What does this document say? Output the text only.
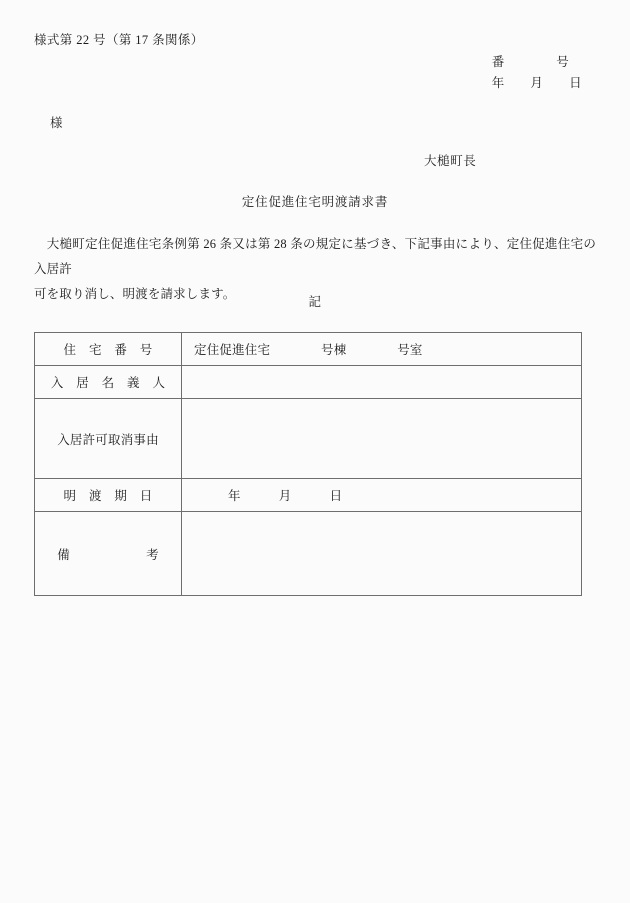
様式第 22 号（第 17 条関係）
番　　　　号
年　　月　　日
様
大槌町長
定住促進住宅明渡請求書
　大槌町定住促進住宅条例第 26 条又は第 28 条の規定に基づき、下記事由により、定住促進住宅の入居許
可を取り消し、明渡を請求します。
記
住　宅　番　号	定住促進住宅　　　　号棟　　　　号室
入　居　名　義　人	
入居許可取消事由	
明　渡　期　日	年　　　月　　　日
備　　　　　　考	
